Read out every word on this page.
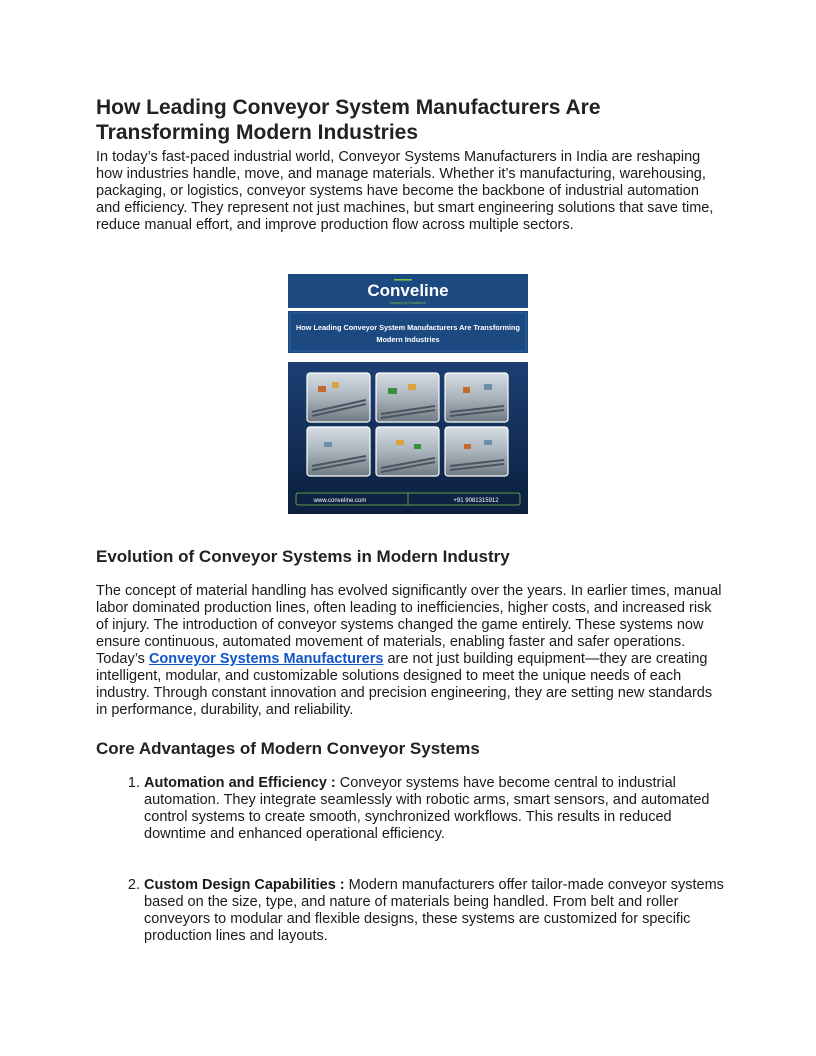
How Leading Conveyor System Manufacturers Are Transforming Modern Industries

In today’s fast-paced industrial world, Conveyor Systems Manufacturers in India are reshaping how industries handle, move, and manage materials. Whether it’s manufacturing, warehousing, packaging, or logistics, conveyor systems have become the backbone of industrial automation and efficiency. They represent not just machines, but smart engineering solutions that save time, reduce manual effort, and improve production flow across multiple sectors.

Conveline
Inspired by Excellence
How Leading Conveyor System Manufacturers Are Transforming
Modern Industries
www.conveline.com	+91 9081315912
Evolution of Conveyor Systems in Modern Industry

The concept of material handling has evolved significantly over the years. In earlier times, manual labor dominated production lines, often leading to inefficiencies, higher costs, and increased risk of injury. The introduction of conveyor systems changed the game entirely. These systems now ensure continuous, automated movement of materials, enabling faster and safer operations. Today’s Conveyor Systems Manufacturers are not just building equipment—they are creating intelligent, modular, and customizable solutions designed to meet the unique needs of each industry. Through constant innovation and precision engineering, they are setting new standards in performance, durability, and reliability.

Core Advantages of Modern Conveyor Systems
1. Automation and Efficiency : Conveyor systems have become central to industrial automation. They integrate seamlessly with robotic arms, smart sensors, and automated control systems to create smooth, synchronized workflows. This results in reduced downtime and enhanced operational efficiency.
2. Custom Design Capabilities : Modern manufacturers offer tailor-made conveyor systems based on the size, type, and nature of materials being handled. From belt and roller conveyors to modular and flexible designs, these systems are customized for specific production lines and layouts.
